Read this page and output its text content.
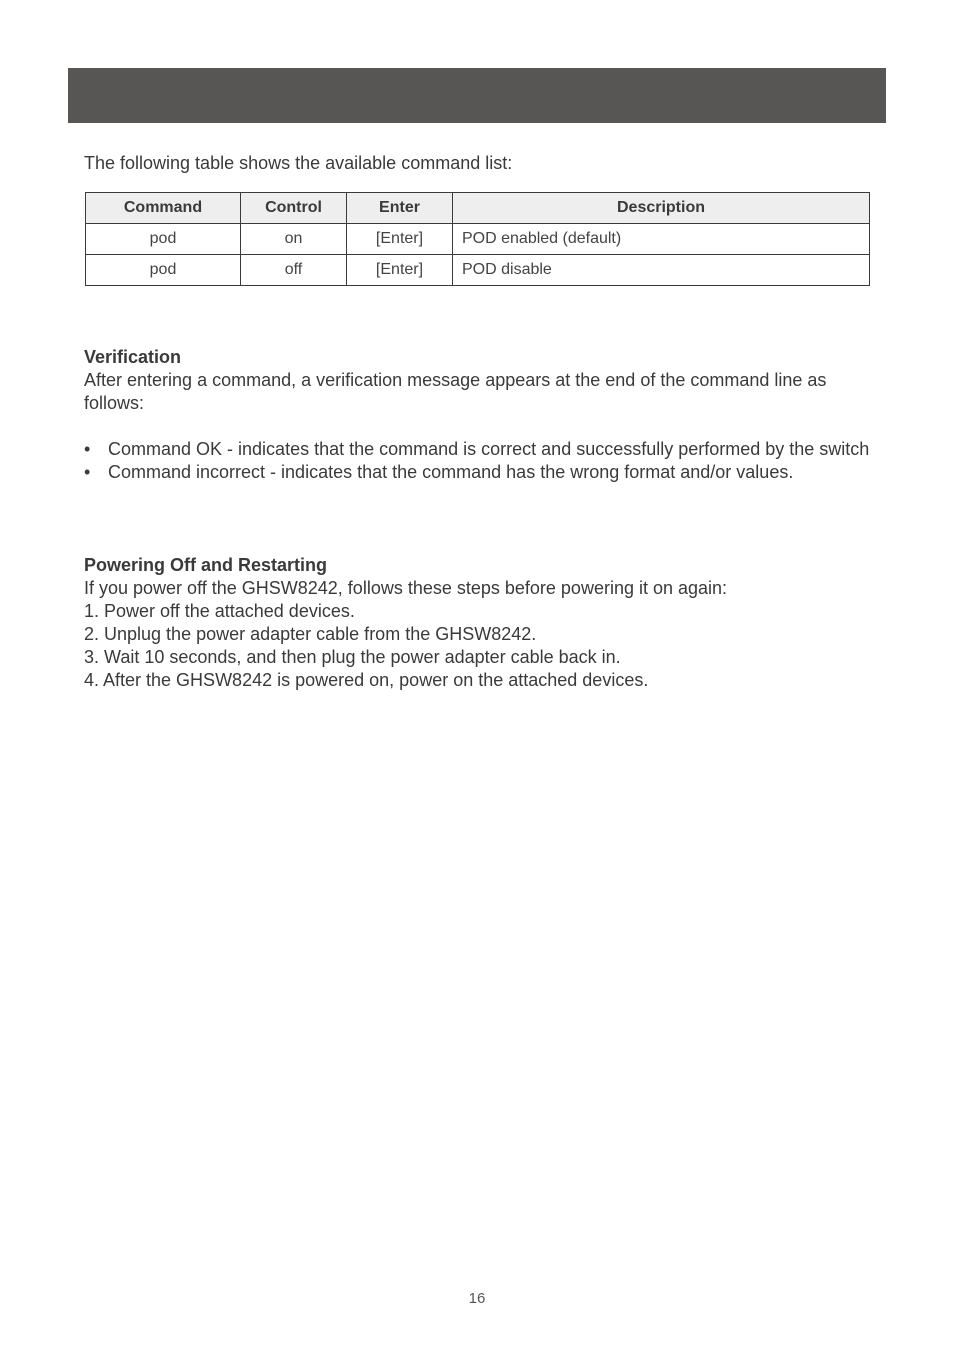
The following table shows the available command list:

Command	Control	Enter	Description
pod	on	[Enter]	POD enabled (default)
pod	off	[Enter]	POD disable
Verification

After entering a command, a verification message appears at the end of the command line as follows:

• Command OK - indicates that the command is correct and successfully performed by the switch
• Command incorrect - indicates that the command has the wrong format and/or values.
Powering Off and Restarting

If you power off the GHSW8242, follows these steps before powering it on again:

1. Power off the attached devices.
2. Unplug the power adapter cable from the GHSW8242.
3. Wait 10 seconds, and then plug the power adapter cable back in.
4. After the GHSW8242 is powered on, power on the attached devices.
16
